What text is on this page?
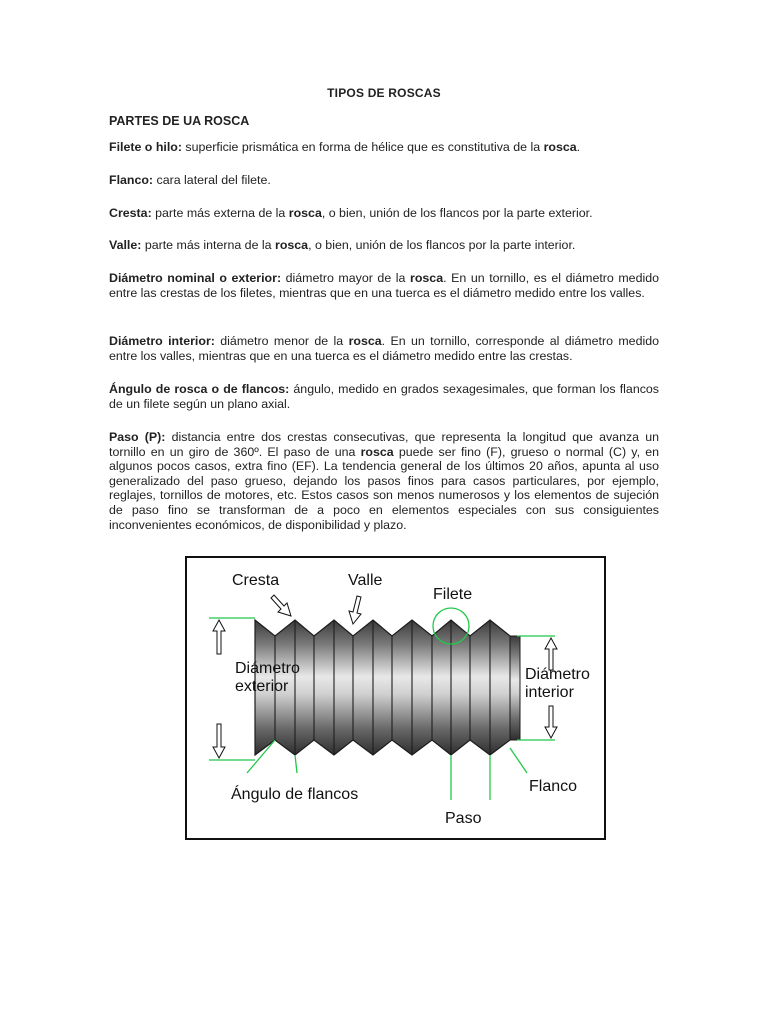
TIPOS DE ROSCAS
PARTES DE UA ROSCA
Filete o hilo: superficie prismática en forma de hélice que es constitutiva de la rosca.
Flanco: cara lateral del filete.
Cresta: parte más externa de la rosca, o bien, unión de los flancos por la parte exterior.
Valle: parte más interna de la rosca, o bien, unión de los flancos por la parte interior.
Diámetro nominal o exterior: diámetro mayor de la rosca. En un tornillo, es el diámetro medido entre las crestas de los filetes, mientras que en una tuerca es el diámetro medido entre los valles.
Diámetro interior: diámetro menor de la rosca. En un tornillo, corresponde al diámetro medido entre los valles, mientras que en una tuerca es el diámetro medido entre las crestas.
Ángulo de rosca o de flancos: ángulo, medido en grados sexagesimales, que forman los flancos de un filete según un plano axial.
Paso (P): distancia entre dos crestas consecutivas, que representa la longitud que avanza un tornillo en un giro de 360º. El paso de una rosca puede ser fino (F), grueso o normal (C) y, en algunos pocos casos, extra fino (EF). La tendencia general de los últimos 20 años, apunta al uso generalizado del paso grueso, dejando los pasos finos para casos particulares, por ejemplo, reglajes, tornillos de motores, etc. Estos casos son menos numerosos y los elementos de sujeción de paso fino se transforman de a poco en elementos especiales con sus consiguientes inconvenientes económicos, de disponibilidad y plazo.
Cresta	Valle
Filete
Diámetro exterior
Diámetro interior
Ángulo de flancos	Flanco
Paso
